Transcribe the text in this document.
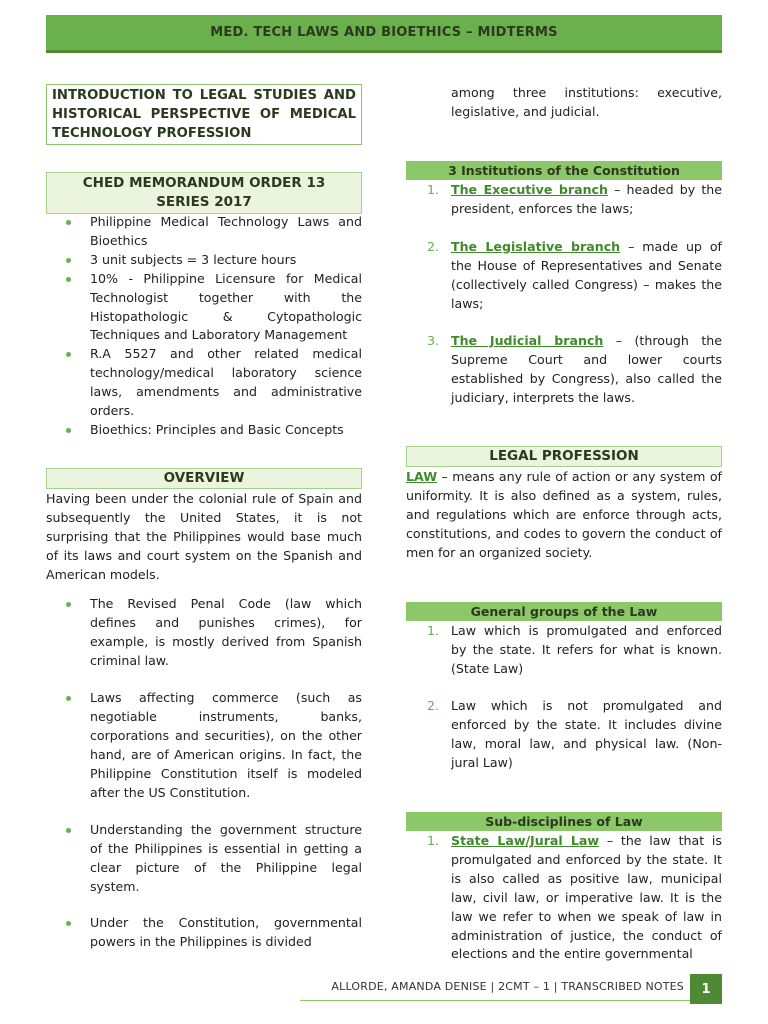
MED. TECH LAWS AND BIOETHICS – MIDTERMS
INTRODUCTION TO LEGAL STUDIES AND HISTORICAL PERSPECTIVE OF MEDICAL TECHNOLOGY PROFESSION
CHED MEMORANDUM ORDER 13 SERIES 2017
Philippine Medical Technology Laws and Bioethics
3 unit subjects = 3 lecture hours
10% - Philippine Licensure for Medical Technologist together with the Histopathologic & Cytopathologic Techniques and Laboratory Management
R.A 5527 and other related medical technology/medical laboratory science laws, amendments and administrative orders.
Bioethics: Principles and Basic Concepts
OVERVIEW

Having been under the colonial rule of Spain and subsequently the United States, it is not surprising that the Philippines would base much of its laws and court system on the Spanish and American models.

The Revised Penal Code (law which defines and punishes crimes), for example, is mostly derived from Spanish criminal law.
Laws affecting commerce (such as negotiable instruments, banks, corporations and securities), on the other hand, are of American origins. In fact, the Philippine Constitution itself is modeled after the US Constitution.
Understanding the government structure of the Philippines is essential in getting a clear picture of the Philippine legal system.
Under the Constitution, governmental powers in the Philippines is divided

among three institutions: executive, legislative, and judicial.

3 Institutions of the Constitution
1. The Executive branch – headed by the president, enforces the laws;
2. The Legislative branch – made up of the House of Representatives and Senate (collectively called Congress) – makes the laws;
3. The Judicial branch – (through the Supreme Court and lower courts established by Congress), also called the judiciary, interprets the laws.
LEGAL PROFESSION

LAW – means any rule of action or any system of uniformity. It is also defined as a system, rules, and regulations which are enforce through acts, constitutions, and codes to govern the conduct of men for an organized society.

General groups of the Law
1. Law which is promulgated and enforced by the state. It refers for what is known. (State Law)
2. Law which is not promulgated and enforced by the state. It includes divine law, moral law, and physical law. (Non-jural Law)
Sub-disciplines of Law
1. State Law/Jural Law – the law that is promulgated and enforced by the state. It is also called as positive law, municipal law, civil law, or imperative law. It is the law we refer to when we speak of law in administration of justice, the conduct of elections and the entire governmental
ALLORDE, AMANDA DENISE | 2CMT – 1 | TRANSCRIBED NOTES	1
